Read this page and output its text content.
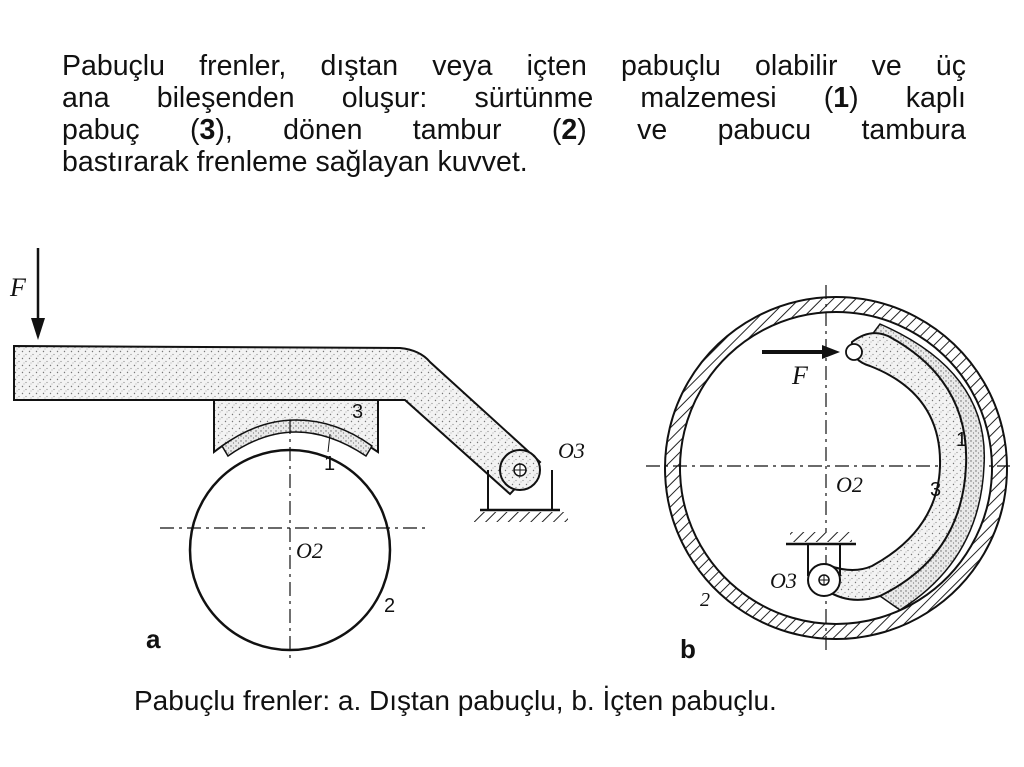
Pabuçlu frenler, dıştan veya içten pabuçlu olabilir ve üç
ana bileşenden oluşur: sürtünme malzemesi (1) kaplı
pabuç (3), dönen tambur (2) ve pabucu tambura
bastırarak frenleme sağlayan kuvvet.
F
O3
O2
3
1
2
a
F
O2
O3
1
3
2
b
Pabuçlu frenler: a. Dıştan pabuçlu, b. İçten pabuçlu.
